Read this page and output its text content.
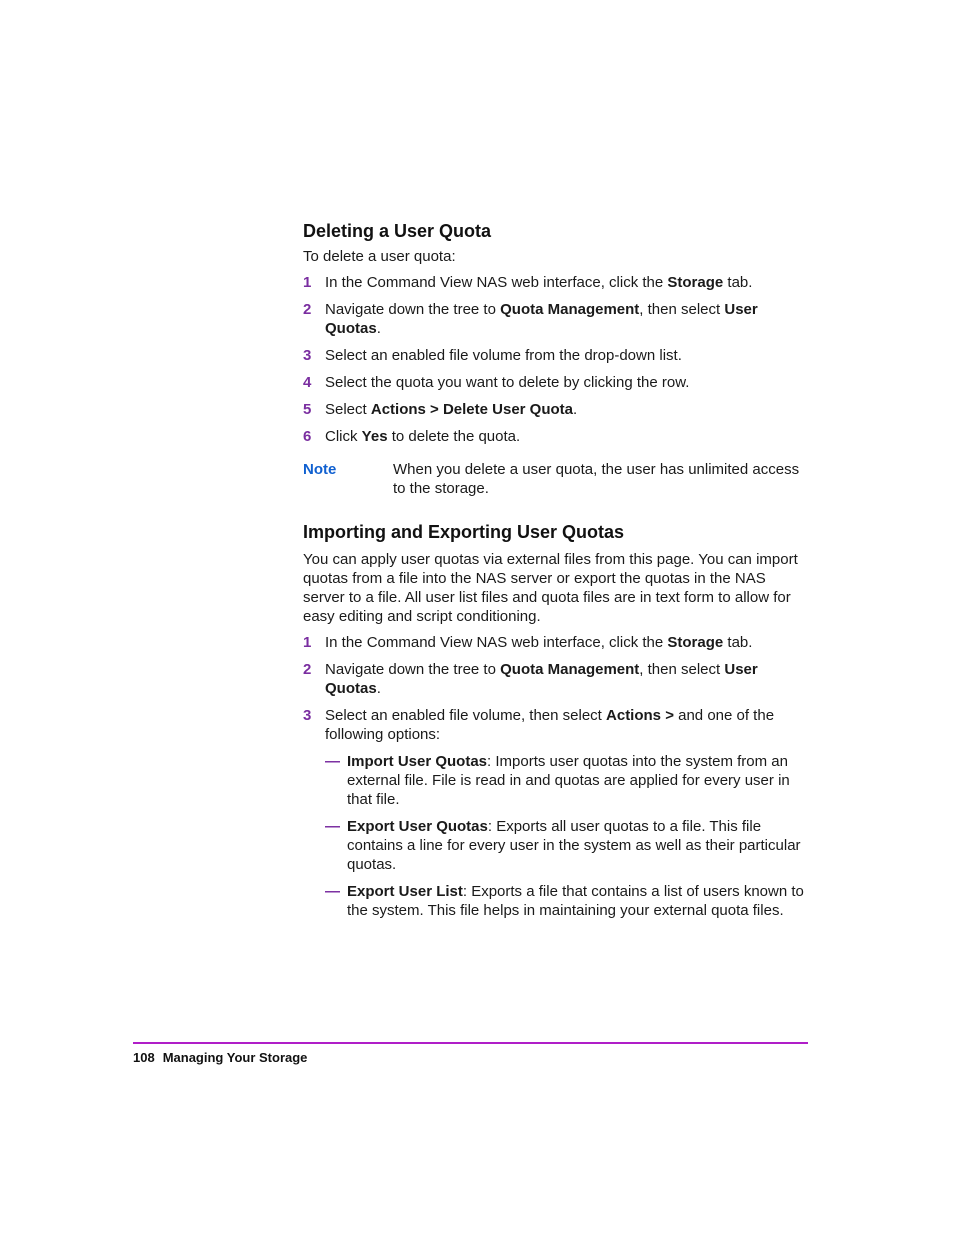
Deleting a User Quota

To delete a user quota:

1 In the Command View NAS web interface, click the Storage tab.
2 Navigate down the tree to Quota Management, then select User Quotas.
3 Select an enabled file volume from the drop-down list.
4 Select the quota you want to delete by clicking the row.
5 Select Actions > Delete User Quota.
6 Click Yes to delete the quota.
Note	When you delete a user quota, the user has unlimited access to the storage.
Importing and Exporting User Quotas

You can apply user quotas via external files from this page. You can import quotas from a file into the NAS server or export the quotas in the NAS server to a file. All user list files and quota files are in text form to allow for easy editing and script conditioning.

1 In the Command View NAS web interface, click the Storage tab.
2 Navigate down the tree to Quota Management, then select User Quotas.
3 Select an enabled file volume, then select Actions > and one of the following options:
— Import User Quotas: Imports user quotas into the system from an external file. File is read in and quotas are applied for every user in that file.
— Export User Quotas: Exports all user quotas to a file. This file contains a line for every user in the system as well as their particular quotas.
— Export User List: Exports a file that contains a list of users known to the system. This file helps in maintaining your external quota files.
108 Managing Your Storage
